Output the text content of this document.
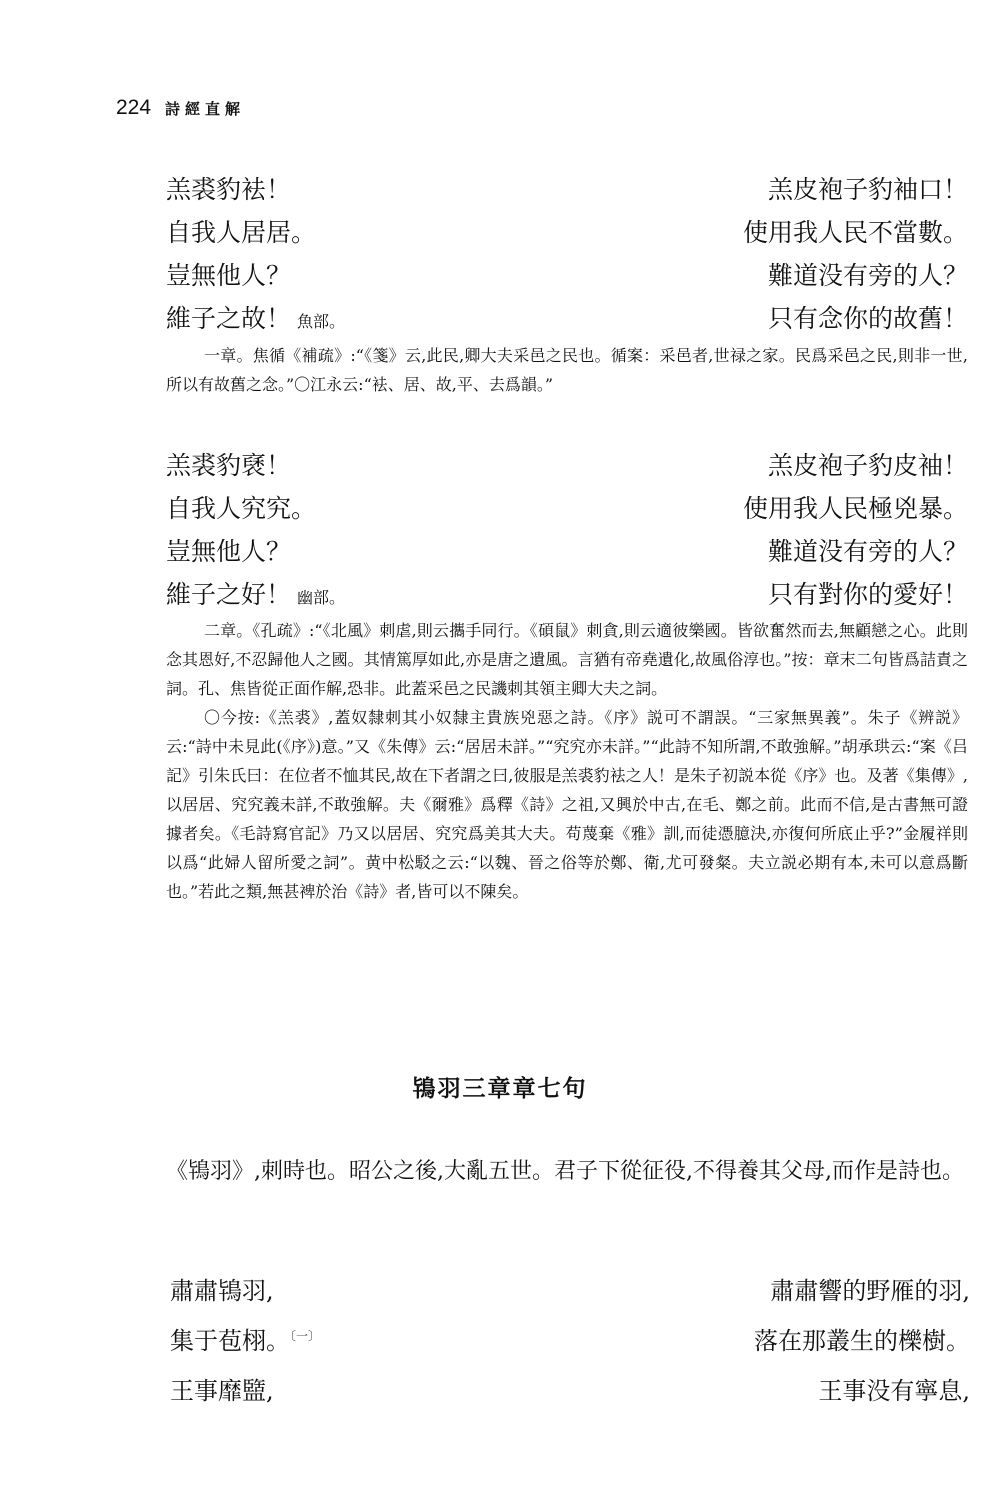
224 詩經直解
羔裘豹袪！	羔皮袍子豹袖口！
自我人居居。	使用我人民不當數。
豈無他人？	難道没有旁的人？
維子之故！ 魚部。	只有念你的故舊！

一章。焦循《補疏》:“《箋》云,此民,卿大夫采邑之民也。循案：采邑者,世禄之家。民爲采邑之民,則非一世,所以有故舊之念。”〇江永云:“袪、居、故,平、去爲韻。”

羔裘豹褎！	羔皮袍子豹皮袖！
自我人究究。	使用我人民極兇暴。
豈無他人？	難道没有旁的人？
維子之好！ 幽部。	只有對你的愛好！

二章。《孔疏》:“《北風》刺虐,則云攜手同行。《碩鼠》刺貪,則云適彼樂國。皆欲奮然而去,無顧戀之心。此則念其恩好,不忍歸他人之國。其情篤厚如此,亦是唐之遺風。言猶有帝堯遺化,故風俗淳也。”按：章末二句皆爲詰責之詞。孔、焦皆從正面作解,恐非。此蓋采邑之民譏刺其領主卿大夫之詞。

〇今按:《羔裘》,蓋奴隸刺其小奴隸主貴族兇惡之詩。《序》説可不謂誤。“三家無異義”。朱子《辨説》云:“詩中未見此(《序》)意。”又《朱傳》云:“居居未詳。”“究究亦未詳。”“此詩不知所謂,不敢強解。”胡承珙云:“案《吕記》引朱氏曰：在位者不恤其民,故在下者謂之曰,彼服是羔裘豹袪之人！是朱子初説本從《序》也。及著《集傳》,以居居、究究義未詳,不敢強解。夫《爾雅》爲釋《詩》之祖,又興於中古,在毛、鄭之前。此而不信,是古書無可證據者矣。《毛詩寫官記》乃又以居居、究究爲美其大夫。苟蔑棄《雅》訓,而徒憑臆決,亦復何所底止乎?”金履祥則以爲“此婦人留所愛之詞”。黄中松駁之云:“以魏、晉之俗等於鄭、衛,尤可發粲。夫立説必期有本,未可以意爲斷也。”若此之類,無甚裨於治《詩》者,皆可以不陳矣。

鴇羽三章章七句

《鴇羽》,刺時也。昭公之後,大亂五世。君子下從征役,不得養其父母,而作是詩也。

肅肅鴇羽,	肅肅響的野雁的羽,
集于苞栩。$^{〔一〕}$	落在那叢生的櫟樹。
王事靡盬,	王事没有寧息,
